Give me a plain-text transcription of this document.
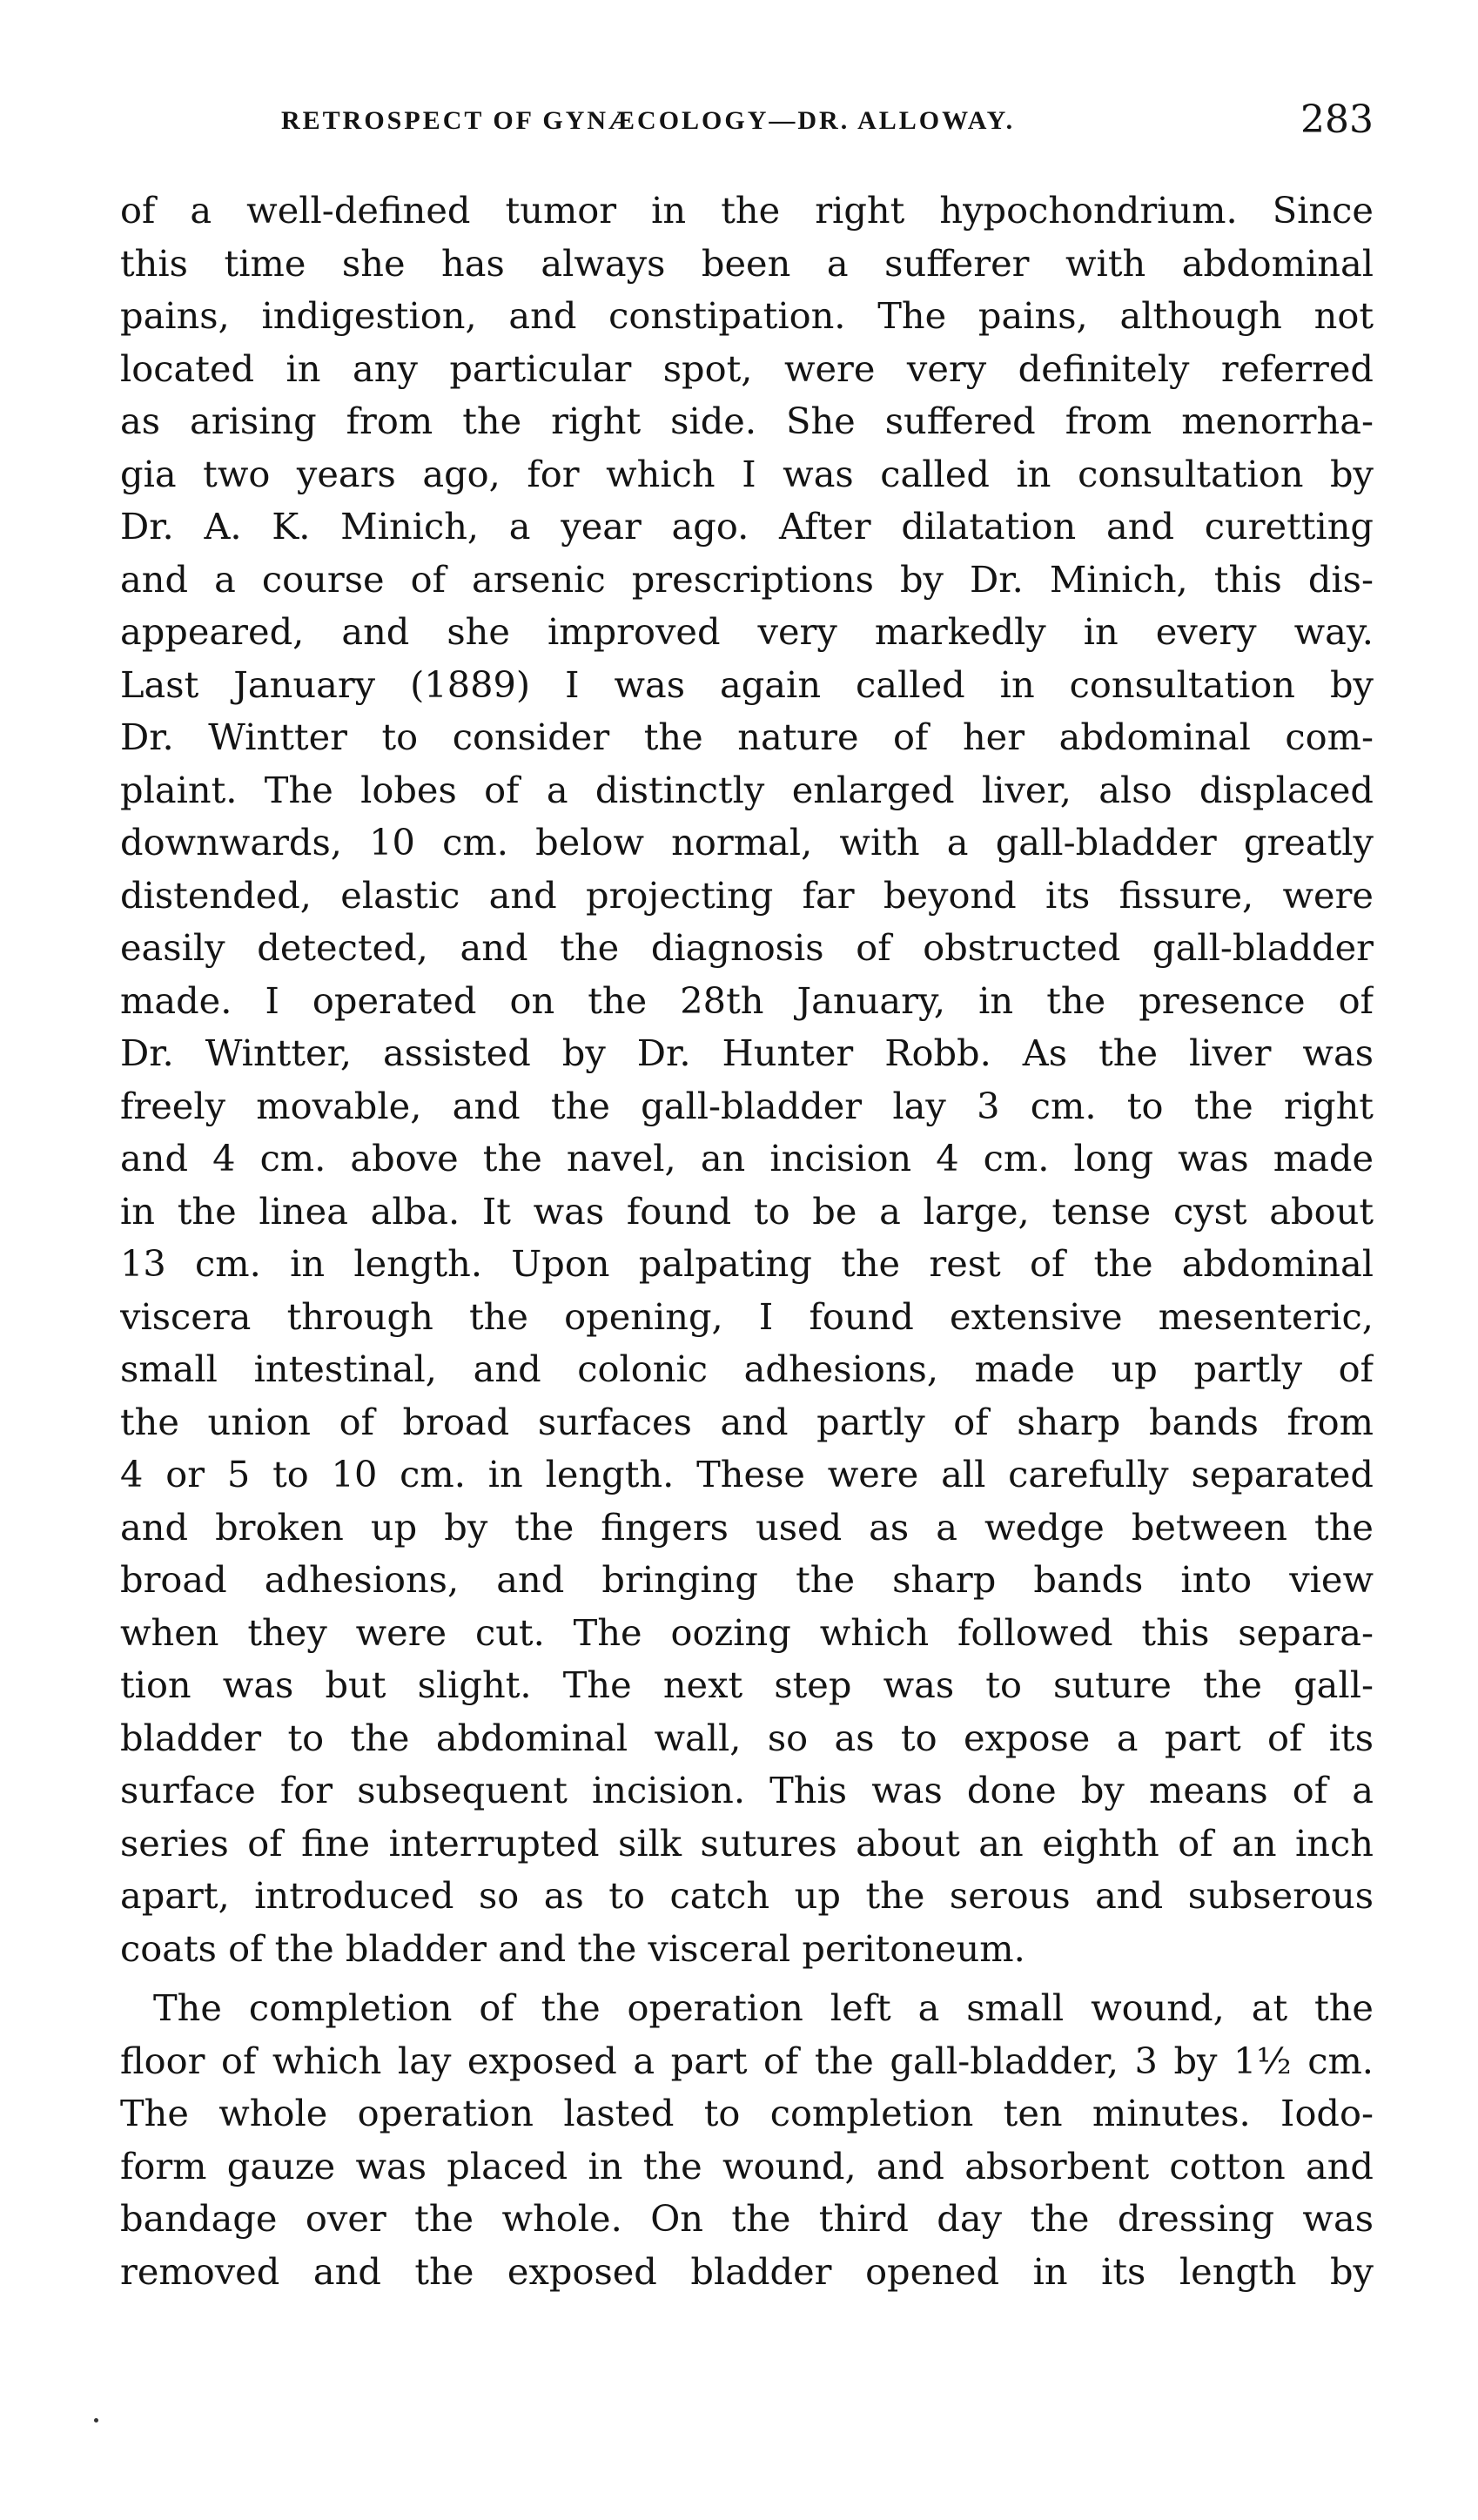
RETROSPECT OF GYNÆCOLOGY—DR. ALLOWAY.	283
of a well-defined tumor in the right hypochondrium. Since
this time she has always been a sufferer with abdominal
pains, indigestion, and constipation. The pains, although not
located in any particular spot, were very definitely referred
as arising from the right side. She suffered from menorrha-
gia two years ago, for which I was called in consultation by
Dr. A. K. Minich, a year ago. After dilatation and curetting
and a course of arsenic prescriptions by Dr. Minich, this dis-
appeared, and she improved very markedly in every way.
Last January (1889) I was again called in consultation by
Dr. Wintter to consider the nature of her abdominal com-
plaint. The lobes of a distinctly enlarged liver, also displaced
downwards, 10 cm. below normal, with a gall-bladder greatly
distended, elastic and projecting far beyond its fissure, were
easily detected, and the diagnosis of obstructed gall-bladder
made. I operated on the 28th January, in the presence of
Dr. Wintter, assisted by Dr. Hunter Robb. As the liver was
freely movable, and the gall-bladder lay 3 cm. to the right
and 4 cm. above the navel, an incision 4 cm. long was made
in the linea alba. It was found to be a large, tense cyst about
13 cm. in length. Upon palpating the rest of the abdominal
viscera through the opening, I found extensive mesenteric,
small intestinal, and colonic adhesions, made up partly of
the union of broad surfaces and partly of sharp bands from
4 or 5 to 10 cm. in length. These were all carefully separated
and broken up by the fingers used as a wedge between the
broad adhesions, and bringing the sharp bands into view
when they were cut. The oozing which followed this separa-
tion was but slight. The next step was to suture the gall-
bladder to the abdominal wall, so as to expose a part of its
surface for subsequent incision. This was done by means of a
series of fine interrupted silk sutures about an eighth of an inch
apart, introduced so as to catch up the serous and subserous
coats of the bladder and the visceral peritoneum.
The completion of the operation left a small wound, at the
floor of which lay exposed a part of the gall-bladder, 3 by 1½ cm.
The whole operation lasted to completion ten minutes. Iodo-
form gauze was placed in the wound, and absorbent cotton and
bandage over the whole. On the third day the dressing was
removed and the exposed bladder opened in its length by
